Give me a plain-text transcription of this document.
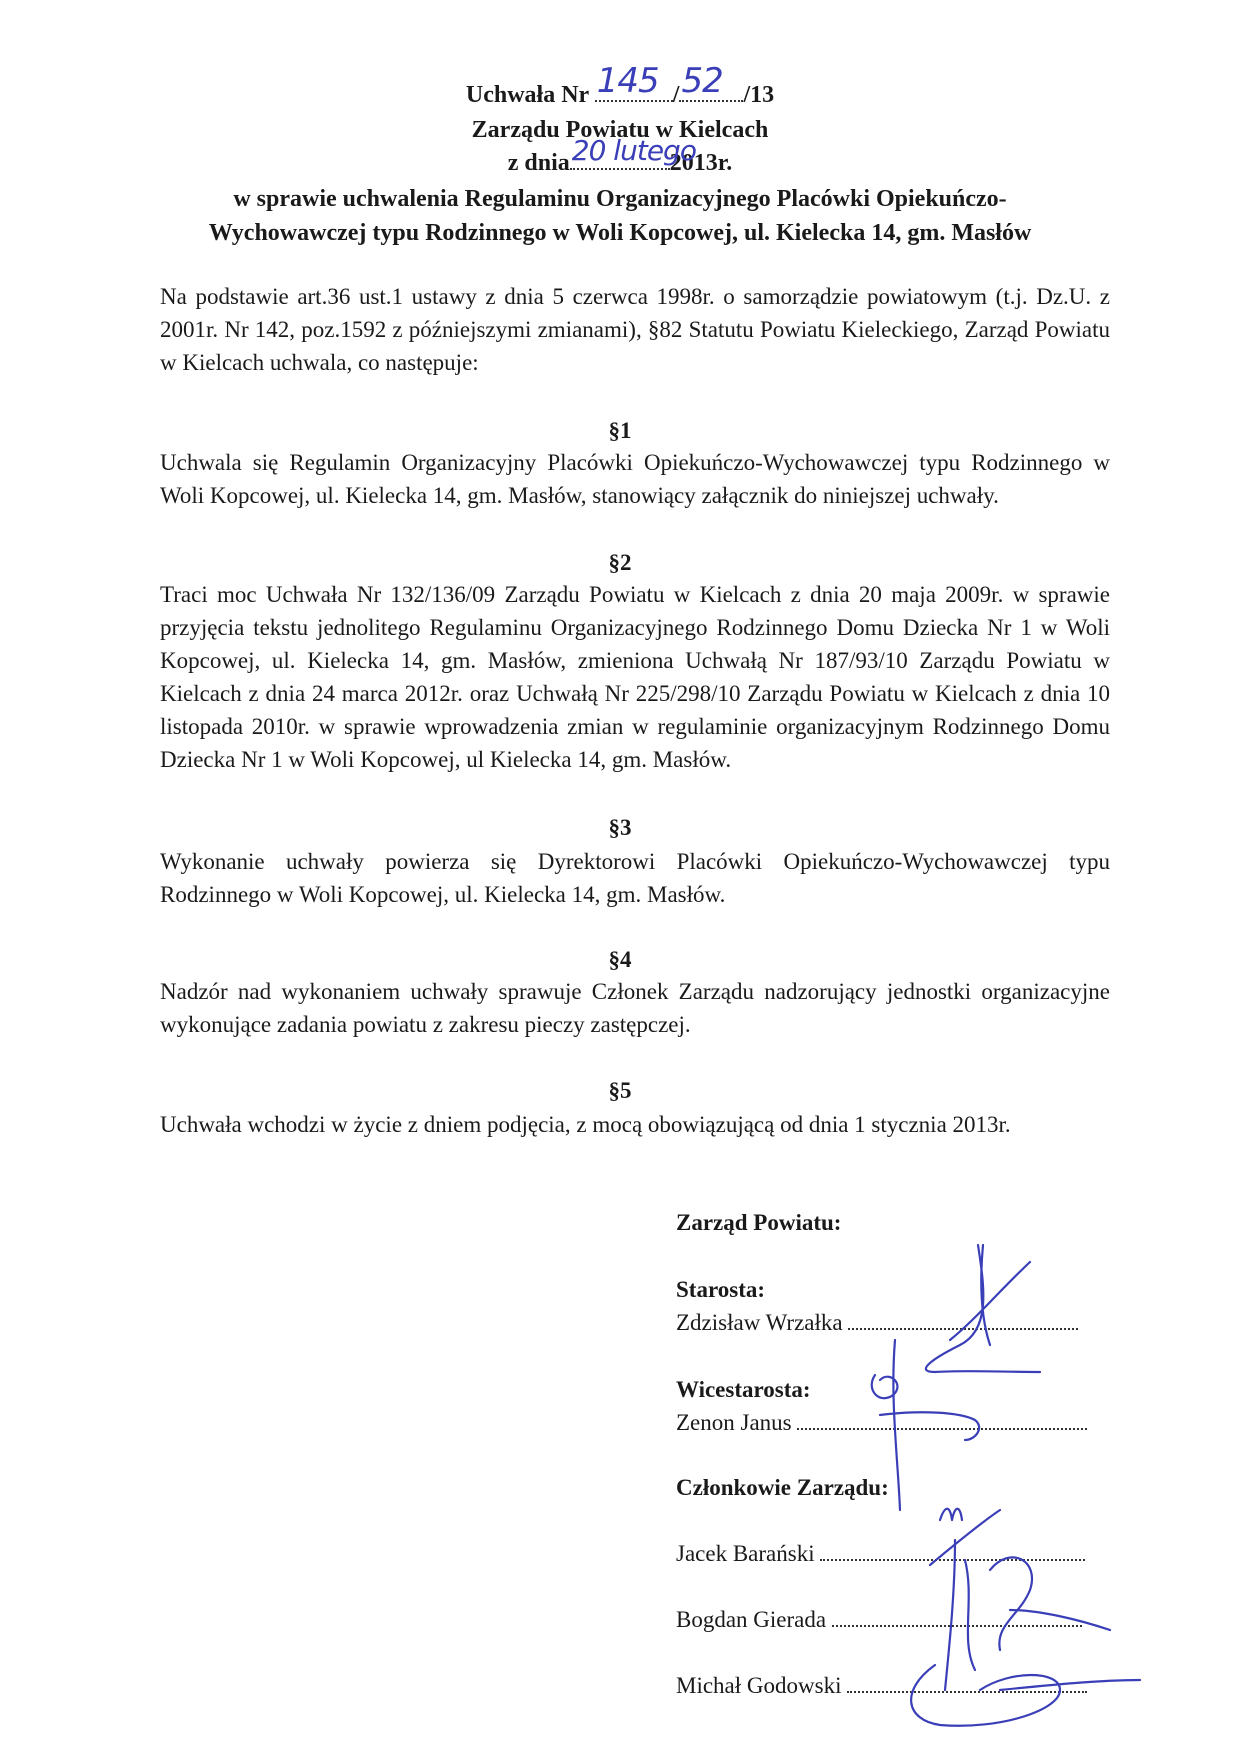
Uchwała Nr 145 / 52 /13
Zarządu Powiatu w Kielcach
z dnia 20 lutego
2013r.
w sprawie uchwalenia Regulaminu Organizacyjnego Placówki Opiekuńczo-
Wychowawczej typu Rodzinnego w Woli Kopcowej, ul. Kielecka 14, gm. Masłów
Na podstawie art.36 ust.1 ustawy z dnia 5 czerwca 1998r. o samorządzie powiatowym (t.j. Dz.U. z 2001r. Nr 142, poz.1592 z późniejszymi zmianami), §82 Statutu Powiatu Kieleckiego, Zarząd Powiatu w Kielcach uchwala, co następuje:
§1
Uchwala się Regulamin Organizacyjny Placówki Opiekuńczo-Wychowawczej typu Rodzinnego w Woli Kopcowej, ul. Kielecka 14, gm. Masłów, stanowiący załącznik do niniejszej uchwały.
§2
Traci moc Uchwała Nr 132/136/09 Zarządu Powiatu w Kielcach z dnia 20 maja 2009r. w sprawie przyjęcia tekstu jednolitego Regulaminu Organizacyjnego Rodzinnego Domu Dziecka Nr 1 w Woli Kopcowej, ul. Kielecka 14, gm. Masłów, zmieniona Uchwałą Nr 187/93/10 Zarządu Powiatu w Kielcach z dnia 24 marca 2012r. oraz Uchwałą Nr 225/298/10 Zarządu Powiatu w Kielcach z dnia 10 listopada 2010r. w sprawie wprowadzenia zmian w regulaminie organizacyjnym Rodzinnego Domu Dziecka Nr 1 w Woli Kopcowej, ul Kielecka 14, gm. Masłów.
§3
Wykonanie uchwały powierza się Dyrektorowi Placówki Opiekuńczo-Wychowawczej typu Rodzinnego w Woli Kopcowej, ul. Kielecka 14, gm. Masłów.
§4
Nadzór nad wykonaniem uchwały sprawuje Członek Zarządu nadzorujący jednostki organizacyjne wykonujące zadania powiatu z zakresu pieczy zastępczej.
§5
Uchwała wchodzi w życie z dniem podjęcia, z mocą obowiązującą od dnia 1 stycznia 2013r.
Zarząd Powiatu:
Starosta:
Zdzisław Wrzałka
Wicestarosta:
Zenon Janus
Członkowie Zarządu:
Jacek Barański
Bogdan Gierada
Michał Godowski
